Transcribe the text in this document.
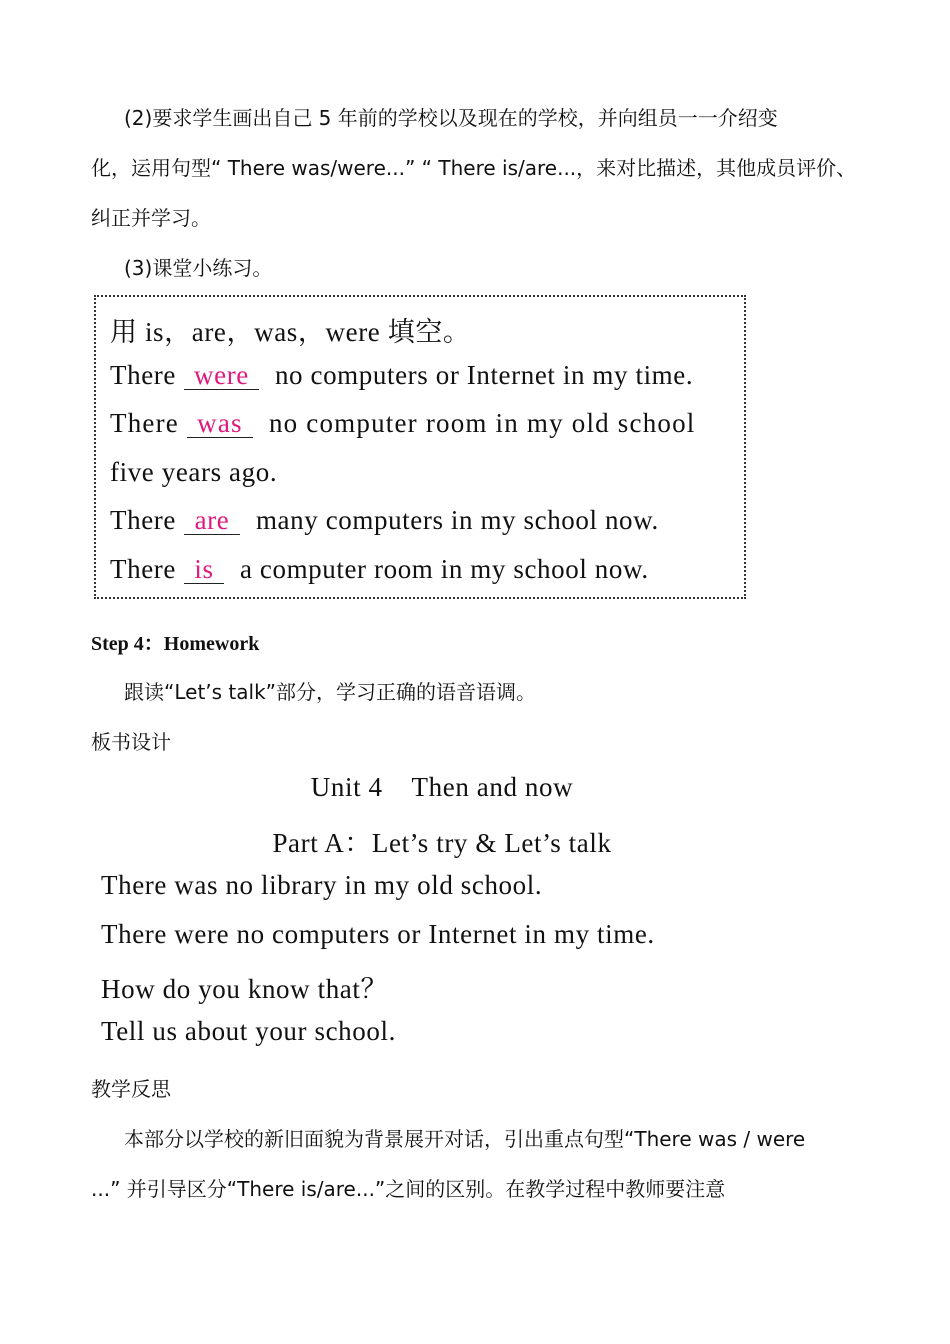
(2)要求学生画出自己 5 年前的学校以及现在的学校，并向组员一一介绍变
化，运用句型“ There was/were...” “ There is/are...，来对比描述，其他成员评价、
纠正并学习。
(3)课堂小练习。
用 is，are，was，were 填空。
There were no computers or Internet in my time.
There was no computer room in my old school
five years ago.
There are many computers in my school now.
There is a computer room in my school now.
Step 4：Homework
跟读“Let’s talk”部分，学习正确的语音语调。
板书设计
Unit 4    Then and now
Part A：Let’s try & Let’s talk
There was no library in my old school.
There were no computers or Internet in my time.
How do you know that？
Tell us about your school.
教学反思
本部分以学校的新旧面貌为背景展开对话，引出重点句型“There was / were
...” 并引导区分“There is/are...”之间的区别。在教学过程中教师要注意
